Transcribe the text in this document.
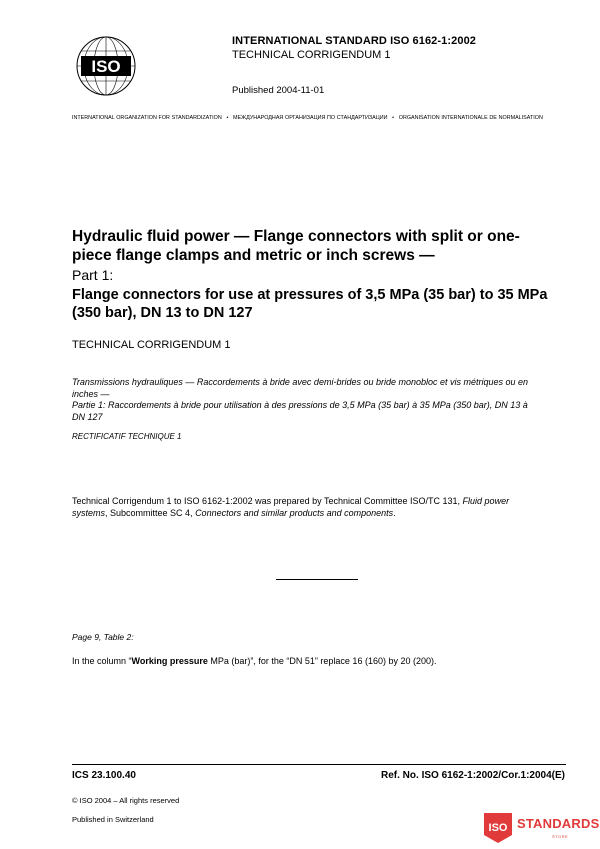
ISO
INTERNATIONAL STANDARD ISO 6162-1:2002
TECHNICAL CORRIGENDUM 1
Published 2004-11-01
INTERNATIONAL ORGANIZATION FOR STANDARDIZATION • МЕЖДУНАРОДНАЯ ОРГАНИЗАЦИЯ ПО СТАНДАРТИЗАЦИИ • ORGANISATION INTERNATIONALE DE NORMALISATION
Hydraulic fluid power — Flange connectors with split or one-piece flange clamps and metric or inch screws —
Part 1:
Flange connectors for use at pressures of 3,5 MPa (35 bar) to 35 MPa (350 bar), DN 13 to DN 127
TECHNICAL CORRIGENDUM 1
Transmissions hydrauliques — Raccordements à bride avec demi-brides ou bride monobloc et vis métriques ou en inches —
Partie 1: Raccordements à bride pour utilisation à des pressions de 3,5 MPa (35 bar) à 35 MPa (350 bar), DN 13 à DN 127
RECTIFICATIF TECHNIQUE 1
Technical Corrigendum 1 to ISO 6162-1:2002 was prepared by Technical Committee ISO/TC 131, Fluid power systems, Subcommittee SC 4, Connectors and similar products and components.
Page 9, Table 2:
In the column “Working pressure MPa (bar)”, for the “DN 51” replace 16 (160) by 20 (200).
ICS 23.100.40	Ref. No. ISO 6162-1:2002/Cor.1:2004(E)
© ISO 2004 – All rights reserved
Published in Switzerland
ISO STANDARDS
STORE
